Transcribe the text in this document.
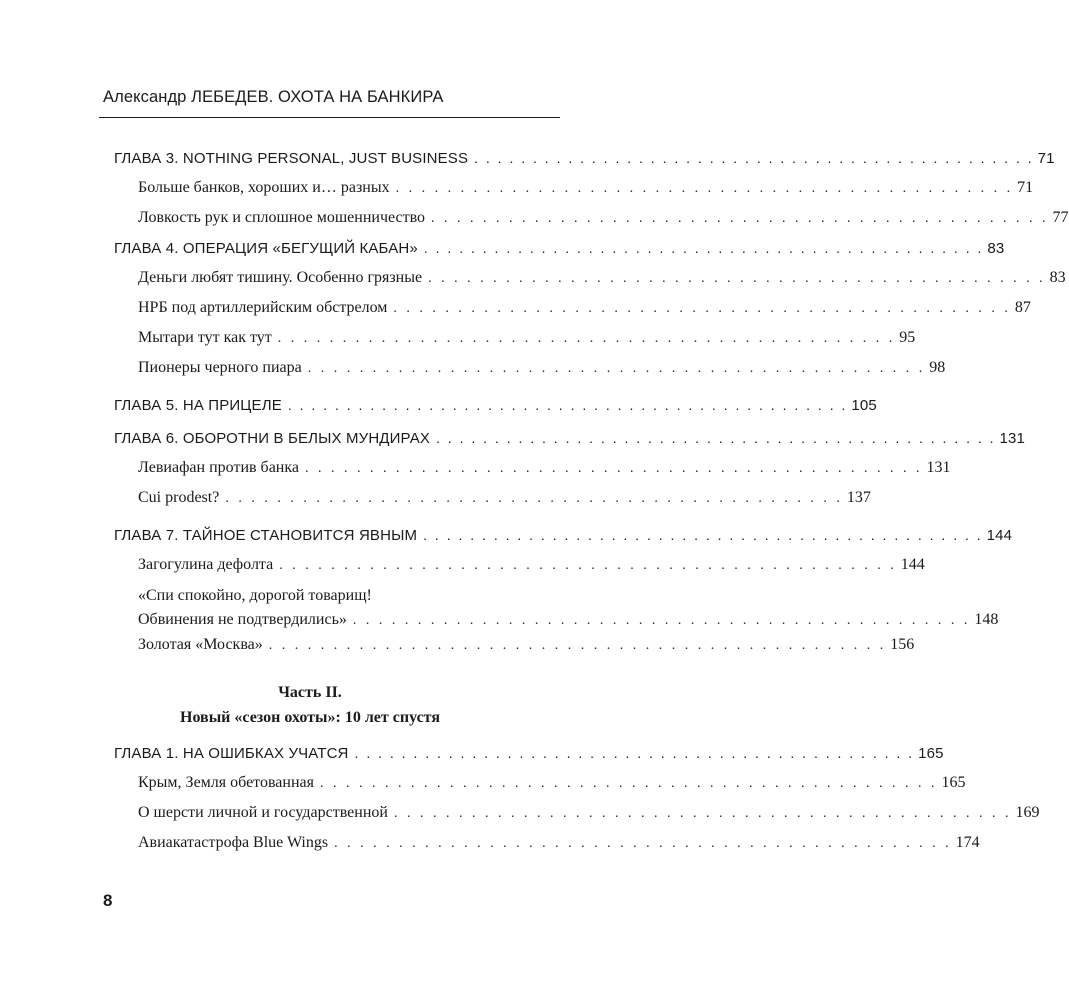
Александр ЛЕБЕДЕВ. ОХОТА НА БАНКИРА
ГЛАВА 3. NOTHING PERSONAL, JUST BUSINESS . . . . . . . . . . . . . . . . . . . . . . . . . . . . . . . . . . . . . . . . . . . . . . . . 71
Больше банков, хороших и… разных . . . . . . . . . . . . . . . . . . . . . . . . . . . . . . . . . . . . . . . . . . . . . . . . 71
Ловкость рук и сплошное мошенничество . . . . . . . . . . . . . . . . . . . . . . . . . . . . . . . . . . . . . . . . . . . . . . . . 77
ГЛАВА 4. ОПЕРАЦИЯ «БЕГУЩИЙ КАБАН» . . . . . . . . . . . . . . . . . . . . . . . . . . . . . . . . . . . . . . . . . . . . . . . . 83
Деньги любят тишину. Особенно грязные . . . . . . . . . . . . . . . . . . . . . . . . . . . . . . . . . . . . . . . . . . . . . . . . 83
НРБ под артиллерийским обстрелом . . . . . . . . . . . . . . . . . . . . . . . . . . . . . . . . . . . . . . . . . . . . . . . . 87
Мытари тут как тут . . . . . . . . . . . . . . . . . . . . . . . . . . . . . . . . . . . . . . . . . . . . . . . . 95
Пионеры черного пиара . . . . . . . . . . . . . . . . . . . . . . . . . . . . . . . . . . . . . . . . . . . . . . . . 98
ГЛАВА 5. НА ПРИЦЕЛЕ . . . . . . . . . . . . . . . . . . . . . . . . . . . . . . . . . . . . . . . . . . . . . . . . 105
ГЛАВА 6. ОБОРОТНИ В БЕЛЫХ МУНДИРАХ . . . . . . . . . . . . . . . . . . . . . . . . . . . . . . . . . . . . . . . . . . . . . . . . 131
Левиафан против банка . . . . . . . . . . . . . . . . . . . . . . . . . . . . . . . . . . . . . . . . . . . . . . . . 131
Cui prodest? . . . . . . . . . . . . . . . . . . . . . . . . . . . . . . . . . . . . . . . . . . . . . . . . 137
ГЛАВА 7. ТАЙНОЕ СТАНОВИТСЯ ЯВНЫМ . . . . . . . . . . . . . . . . . . . . . . . . . . . . . . . . . . . . . . . . . . . . . . . . 144
Загогулина дефолта . . . . . . . . . . . . . . . . . . . . . . . . . . . . . . . . . . . . . . . . . . . . . . . . 144
«Спи спокойно, дорогой товарищ!
Обвинения не подтвердились» . . . . . . . . . . . . . . . . . . . . . . . . . . . . . . . . . . . . . . . . . . . . . . . . 148
Золотая «Москва» . . . . . . . . . . . . . . . . . . . . . . . . . . . . . . . . . . . . . . . . . . . . . . . . 156
Часть II.
Новый «сезон охоты»: 10 лет спустя
ГЛАВА 1. НА ОШИБКАХ УЧАТСЯ . . . . . . . . . . . . . . . . . . . . . . . . . . . . . . . . . . . . . . . . . . . . . . . . 165
Крым, Земля обетованная . . . . . . . . . . . . . . . . . . . . . . . . . . . . . . . . . . . . . . . . . . . . . . . . 165
О шерсти личной и государственной . . . . . . . . . . . . . . . . . . . . . . . . . . . . . . . . . . . . . . . . . . . . . . . . 169
Авиакатастрофа Blue Wings . . . . . . . . . . . . . . . . . . . . . . . . . . . . . . . . . . . . . . . . . . . . . . . . 174
8
